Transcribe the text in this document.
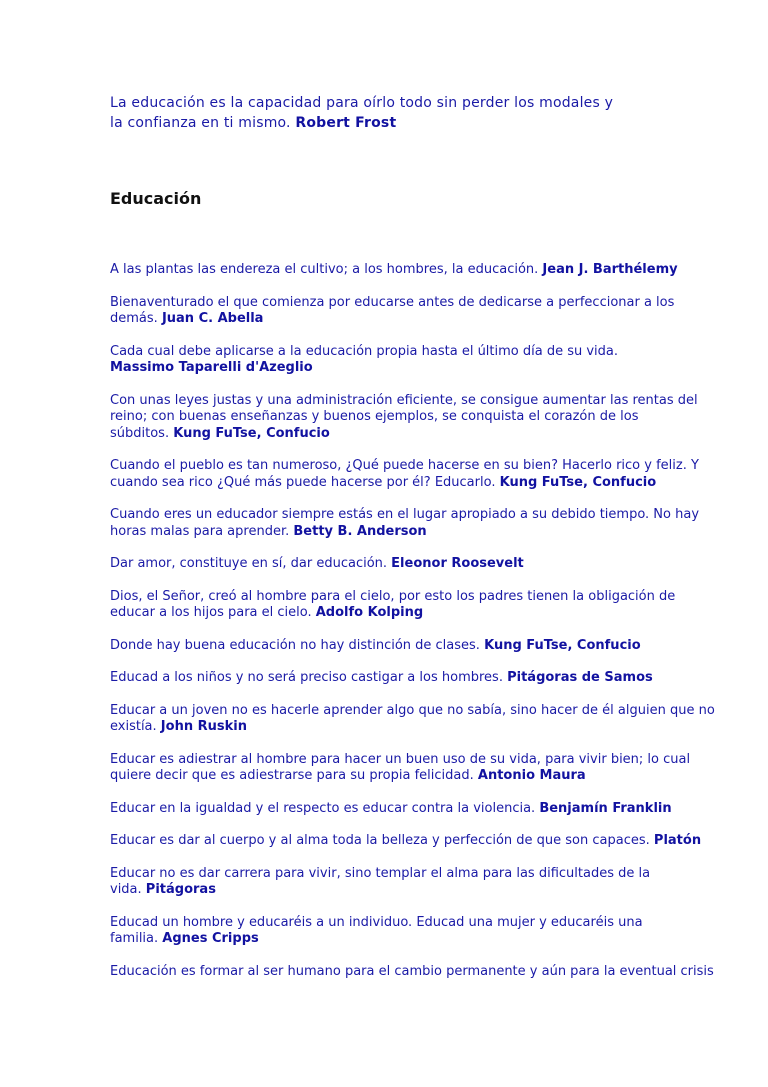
La educación es la capacidad para oírlo todo sin perder los modales y
la confianza en ti mismo. Robert Frost

Educación

A las plantas las endereza el cultivo; a los hombres, la educación. Jean J. Barthélemy

Bienaventurado el que comienza por educarse antes de dedicarse a perfeccionar a los
demás. Juan C. Abella

Cada cual debe aplicarse a la educación propia hasta el último día de su vida.
Massimo Taparelli d'Azeglio

Con unas leyes justas y una administración eficiente, se consigue aumentar las rentas del
reino; con buenas enseñanzas y buenos ejemplos, se conquista el corazón de los
súbditos. Kung FuTse, Confucio

Cuando el pueblo es tan numeroso, ¿Qué puede hacerse en su bien? Hacerlo rico y feliz. Y
cuando sea rico ¿Qué más puede hacerse por él? Educarlo. Kung FuTse, Confucio

Cuando eres un educador siempre estás en el lugar apropiado a su debido tiempo. No hay
horas malas para aprender. Betty B. Anderson

Dar amor, constituye en sí, dar educación. Eleonor Roosevelt

Dios, el Señor, creó al hombre para el cielo, por esto los padres tienen la obligación de
educar a los hijos para el cielo. Adolfo Kolping

Donde hay buena educación no hay distinción de clases. Kung FuTse, Confucio

Educad a los niños y no será preciso castigar a los hombres. Pitágoras de Samos

Educar a un joven no es hacerle aprender algo que no sabía, sino hacer de él alguien que no
existía. John Ruskin

Educar es adiestrar al hombre para hacer un buen uso de su vida, para vivir bien; lo cual
quiere decir que es adiestrarse para su propia felicidad. Antonio Maura

Educar en la igualdad y el respecto es educar contra la violencia. Benjamín Franklin

Educar es dar al cuerpo y al alma toda la belleza y perfección de que son capaces. Platón

Educar no es dar carrera para vivir, sino templar el alma para las dificultades de la
vida. Pitágoras

Educad un hombre y educaréis a un individuo. Educad una mujer y educaréis una
familia. Agnes Cripps

Educación es formar al ser humano para el cambio permanente y aún para la eventual crisis
